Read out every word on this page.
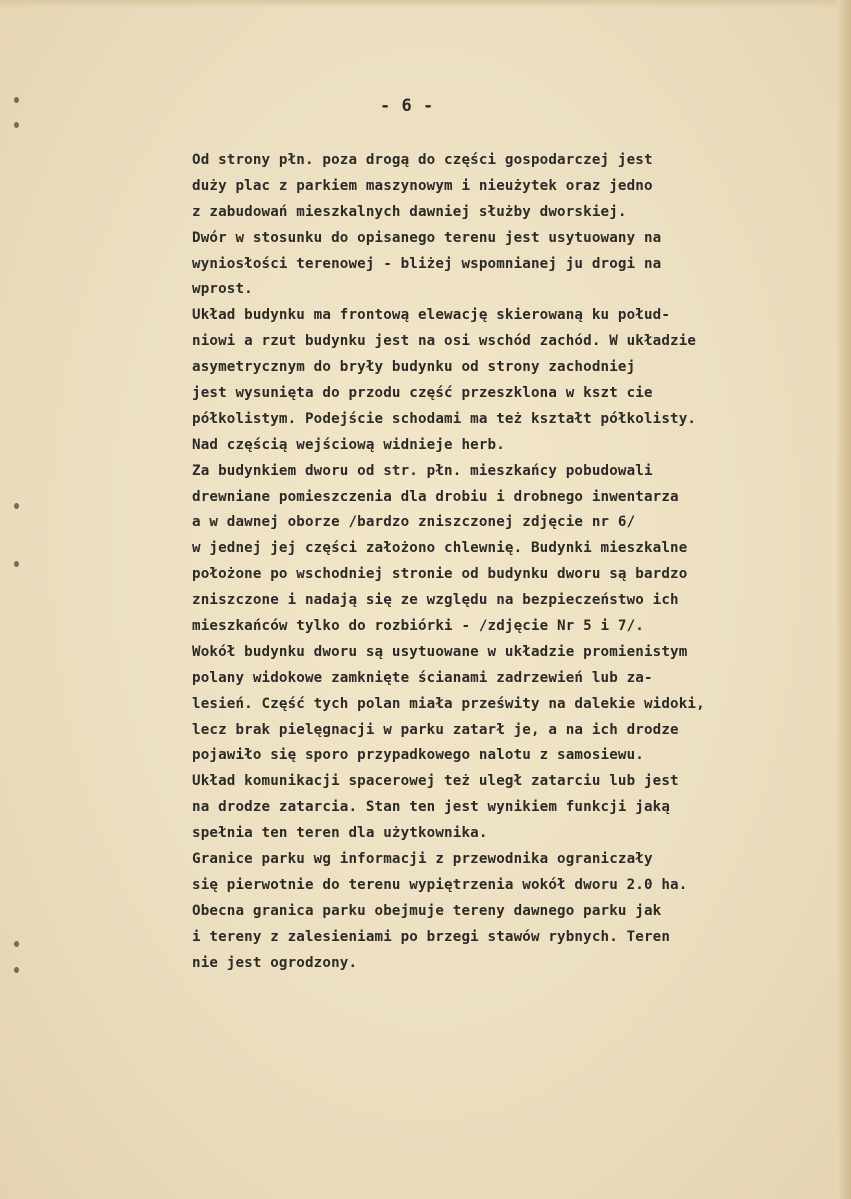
- 6 -
Od strony płn. poza drogą do części gospodarczej jest
duży plac z parkiem maszynowym i nieużytek oraz jedno
z zabudowań mieszkalnych dawniej służby dworskiej.
Dwór w stosunku do opisanego terenu jest usytuowany na
wyniosłości terenowej - bliżej wspomnianej ju drogi na
wprost.
Układ budynku ma frontową elewację skierowaną ku połud-
niowi a rzut budynku jest na osi wschód zachód. W układzie
asymetrycznym do bryły budynku od strony zachodniej
jest wysunięta do przodu część przeszklona w kszt cie
półkolistym. Podejście schodami ma też kształt półkolisty.
Nad częścią wejściową widnieje herb.
Za budynkiem dworu od str. płn. mieszkańcy pobudowali
drewniane pomieszczenia dla drobiu i drobnego inwentarza
a w dawnej oborze /bardzo zniszczonej zdjęcie nr 6/
w jednej jej części założono chlewnię. Budynki mieszkalne
położone po wschodniej stronie od budynku dworu są bardzo
zniszczone i nadają się ze względu na bezpieczeństwo ich
mieszkańców tylko do rozbiórki - /zdjęcie Nr 5 i 7/.
Wokół budynku dworu są usytuowane w układzie promienistym
polany widokowe zamknięte ścianami zadrzewień lub za-
lesień. Część tych polan miała prześwity na dalekie widoki,
lecz brak pielęgnacji w parku zatarł je, a na ich drodze
pojawiło się sporo przypadkowego nalotu z samosiewu.
Układ komunikacji spacerowej też uległ zatarciu lub jest
na drodze zatarcia. Stan ten jest wynikiem funkcji jaką
spełnia ten teren dla użytkownika.
Granice parku wg informacji z przewodnika ograniczały
się pierwotnie do terenu wypiętrzenia wokół dworu 2.0 ha.
Obecna granica parku obejmuje tereny dawnego parku jak
i tereny z zalesieniami po brzegi stawów rybnych. Teren
nie jest ogrodzony.
